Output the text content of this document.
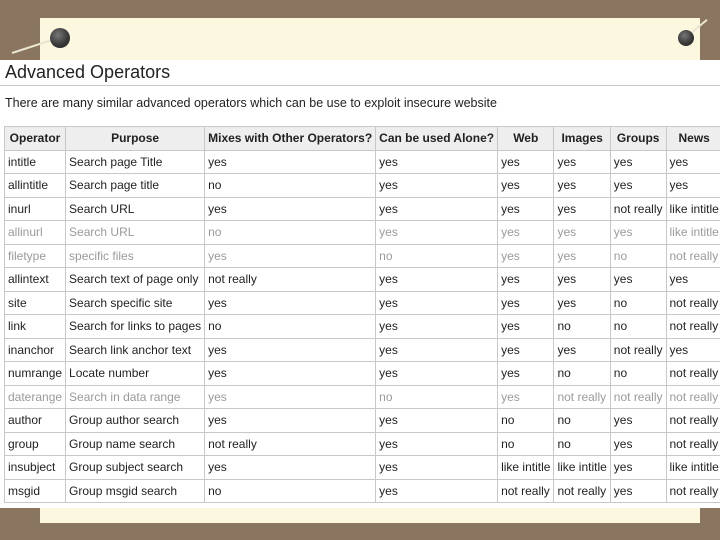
Advanced Operators
There are many similar advanced operators which can be use to exploit insecure website
Operator	Purpose	Mixes with Other Operators?	Can be used Alone?	Web	Images	Groups	News
intitle	Search page Title	yes	yes	yes	yes	yes	yes
allintitle	Search page title	no	yes	yes	yes	yes	yes
inurl	Search URL	yes	yes	yes	yes	not really	like intitle
allinurl	Search URL	no	yes	yes	yes	yes	like intitle
filetype	specific files	yes	no	yes	yes	no	not really
allintext	Search text of page only	not really	yes	yes	yes	yes	yes
site	Search specific site	yes	yes	yes	yes	no	not really
link	Search for links to pages	no	yes	yes	no	no	not really
inanchor	Search link anchor text	yes	yes	yes	yes	not really	yes
numrange	Locate number	yes	yes	yes	no	no	not really
daterange	Search in data range	yes	no	yes	not really	not really	not really
author	Group author search	yes	yes	no	no	yes	not really
group	Group name search	not really	yes	no	no	yes	not really
insubject	Group subject search	yes	yes	like intitle	like intitle	yes	like intitle
msgid	Group msgid search	no	yes	not really	not really	yes	not really
